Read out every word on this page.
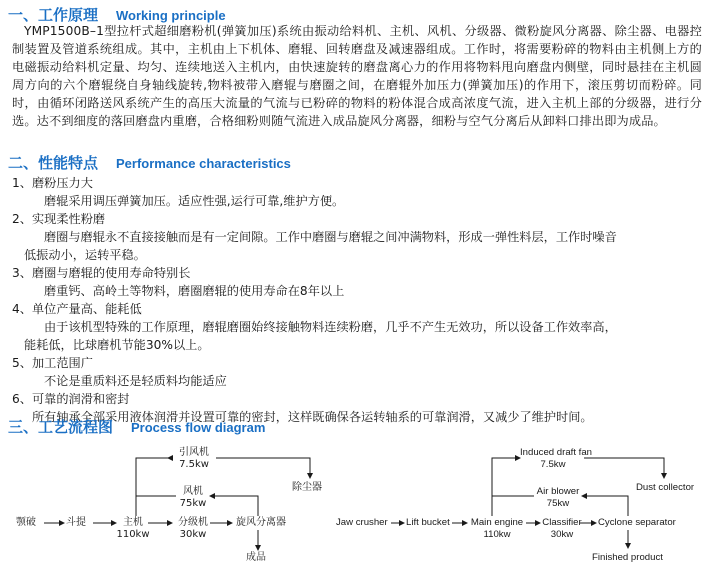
一、工作原理 Working principle
YMP1500B–1型拉杆式超细磨粉机(弹簧加压)系统由振动给料机、主机、风机、分级器、微粉旋风分离器、除尘器、电器控制装置及管道系统组成。其中，主机由上下机体、磨辊、回转磨盘及减速器组成。工作时，将需要粉碎的物料由主机侧上方的电磁振动给料机定量、均匀、连续地送入主机内，由快速旋转的磨盘离心力的作用将物料甩向磨盘内侧壁，同时悬挂在主机圆周方向的六个磨辊绕自身轴线旋转,物料被带入磨辊与磨圈之间，在磨辊外加压力(弹簧加压)的作用下，滚压剪切而粉碎。同时，由循环闭路送风系统产生的高压大流量的气流与已粉碎的物料的粉体混合成高浓度气流，进入主机上部的分级器，进行分选。达不到细度的落回磨盘内重磨，合格细粉则随气流进入成品旋风分离器，细粉与空气分离后从卸料口排出即为成品。
二、性能特点 Performance characteristics
1、磨粉压力大
磨辊采用调压弹簧加压。适应性强,运行可靠,维护方便。
2、实现柔性粉磨
磨圈与磨辊永不直接接触而是有一定间隙。工作中磨圈与磨辊之间冲满物料，形成一弹性料层，工作时噪音
低振动小，运转平稳。
3、磨圈与磨辊的使用寿命特别长
磨重钙、高岭土等物料，磨圈磨辊的使用寿命在8年以上
4、单位产量高、能耗低
由于该机型特殊的工作原理，磨辊磨圈始终接触物料连续粉磨，几乎不产生无效功，所以设备工作效率高，
能耗低，比球磨机节能30%以上。
5、加工范围广
不论是重质料还是轻质料均能适应
6、可靠的润滑和密封
所有轴承全部采用液体润滑并设置可靠的密封，这样既确保各运转轴系的可靠润滑，又减少了维护时间。
三、工艺流程图 Process flow diagram
颚破	斗提	主机
110kw
分级机
30kw
旋风分离器
成品
引风机
7.5kw
风机
75kw
除尘器
Jaw crusher Lift bucket	Main engine
110kw
Classifier
30kw
Cyclone separator
Finished product
Induced draft fan
7.5kw
Air blower
75kw
Dust collector
